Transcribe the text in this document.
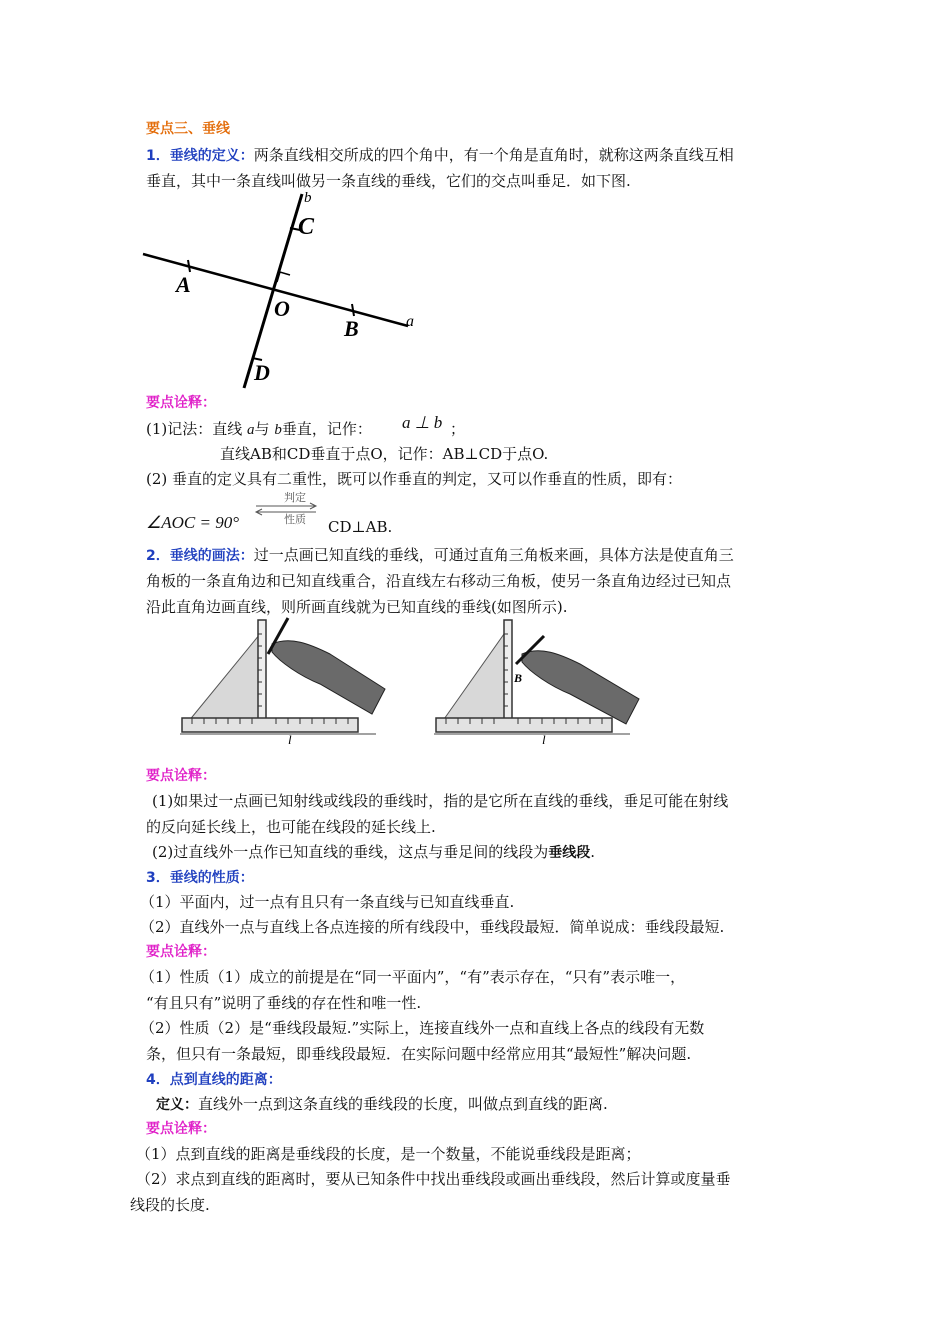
要点三、垂线
1．垂线的定义：两条直线相交所成的四个角中，有一个角是直角时，就称这两条直线互相
垂直，其中一条直线叫做另一条直线的垂线，它们的交点叫垂足．如下图.
b
C
A
O
B	a
D
要点诠释：
(1)记法：直线 a与 b垂直，记作： a ⊥ b ；
直线AB和CD垂直于点O，记作：AB⊥CD于点O.
(2) 垂直的定义具有二重性，既可以作垂直的判定，又可以作垂直的性质，即有：
∠AOC = 90°
判定
性质	CD⊥AB.
2．垂线的画法：过一点画已知直线的垂线，可通过直角三角板来画，具体方法是使直角三
角板的一条直角边和已知直线重合，沿直线左右移动三角板，使另一条直角边经过已知点
沿此直角边画直线，则所画直线就为已知直线的垂线(如图所示).
l
B
l
要点诠释：
(1)如果过一点画已知射线或线段的垂线时，指的是它所在直线的垂线，垂足可能在射线
的反向延长线上，也可能在线段的延长线上.
(2)过直线外一点作已知直线的垂线，这点与垂足间的线段为垂线段.
3．垂线的性质：
（1）平面内，过一点有且只有一条直线与已知直线垂直.
（2）直线外一点与直线上各点连接的所有线段中，垂线段最短．简单说成：垂线段最短.
要点诠释：
（1）性质（1）成立的前提是在“同一平面内”，“有”表示存在，“只有”表示唯一，
“有且只有”说明了垂线的存在性和唯一性.
（2）性质（2）是“垂线段最短.”实际上，连接直线外一点和直线上各点的线段有无数
条，但只有一条最短，即垂线段最短．在实际问题中经常应用其“最短性”解决问题.
4．点到直线的距离：
定义：直线外一点到这条直线的垂线段的长度，叫做点到直线的距离.
要点诠释：
（1）点到直线的距离是垂线段的长度，是一个数量，不能说垂线段是距离；
（2）求点到直线的距离时，要从已知条件中找出垂线段或画出垂线段，然后计算或度量垂
线段的长度.
